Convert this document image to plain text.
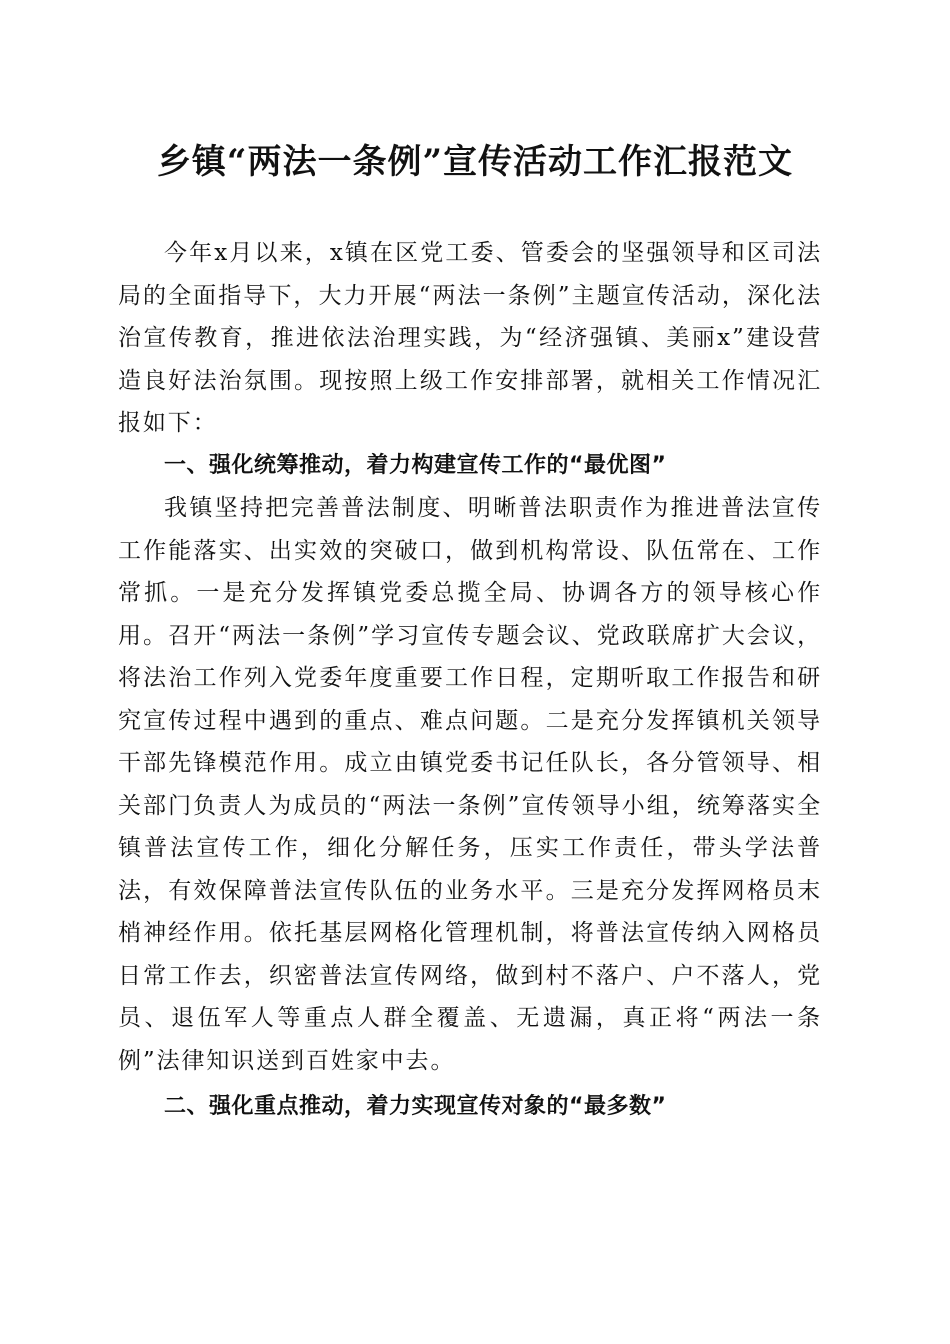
乡镇“两法一条例”宣传活动工作汇报范文

今年x月以来，x镇在区党工委、管委会的坚强领导和区司法局的全面指导下，大力开展“两法一条例”主题宣传活动，深化法治宣传教育，推进依法治理实践，为“经济强镇、美丽x”建设营造良好法治氛围。现按照上级工作安排部署，就相关工作情况汇报如下：

一、强化统筹推动，着力构建宣传工作的“最优图”

我镇坚持把完善普法制度、明晰普法职责作为推进普法宣传工作能落实、出实效的突破口，做到机构常设、队伍常在、工作常抓。一是充分发挥镇党委总揽全局、协调各方的领导核心作用。召开“两法一条例”学习宣传专题会议、党政联席扩大会议，将法治工作列入党委年度重要工作日程，定期听取工作报告和研究宣传过程中遇到的重点、难点问题。二是充分发挥镇机关领导干部先锋模范作用。成立由镇党委书记任队长，各分管领导、相关部门负责人为成员的“两法一条例”宣传领导小组，统筹落实全镇普法宣传工作，细化分解任务，压实工作责任，带头学法普法，有效保障普法宣传队伍的业务水平。三是充分发挥网格员末梢神经作用。依托基层网格化管理机制，将普法宣传纳入网格员日常工作去，织密普法宣传网络，做到村不落户、户不落人，党员、退伍军人等重点人群全覆盖、无遗漏，真正将“两法一条例”法律知识送到百姓家中去。

二、强化重点推动，着力实现宣传对象的“最多数”
